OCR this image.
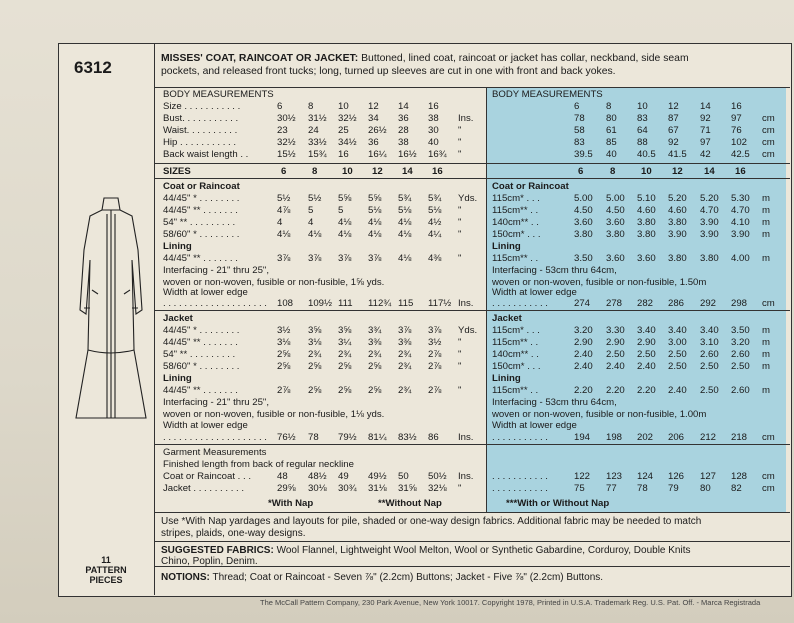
6312	MISSES' COAT, RAINCOAT OR JACKET: Buttoned, lined coat, raincoat or jacket has collar, neckband, side seam
pockets, and released front tucks; long, turned up sleeves are cut in one with front and back yokes.
11
PATTERN
PIECES
BODY MEASUREMENTS	BODY MEASUREMENTS
Size . . . . . . . . . . .	6	8	10 12 14 16
Bust. . . . . . . . . . .	30½ 31½ 32½ 34 36 38 Ins.
Waist. . . . . . . . . .	23 24 25 26½ 28 30 "
Hip . . . . . . . . . . .	32½ 33½ 34½ 36 38 40 "
Back waist length . .	15½ 15¾ 16 16¼ 16½ 16¾ "
6	8	10 12 14 16
78 80 83 87 92 97 cm
58 61 64 67 71 76 cm
83 85 88 92 97 102 cm
39.5 40 40.5 41.5 42 42.5 cm
SIZES	6	8	10 12 14 16	6	8	10 12 14 16
Coat or Raincoat	Coat or Raincoat
44/45" * . . . . . . . .	5½ 5½ 5⅝ 5⅝ 5¾ 5¾ Yds.
44/45" ** . . . . . . .	4⅞ 5	5	5⅛ 5⅛ 5⅛ "
54" ** . . . . . . . . .	4	4	4⅛ 4⅛ 4⅛ 4½ "
58/60" * . . . . . . . .	4⅛ 4⅛ 4⅛ 4⅛ 4⅛ 4¼ "
115cm* . . .	5.00 5.00 5.10 5.20 5.20 5.30 m
115cm** . .	4.50 4.50 4.60 4.60 4.70 4.70 m
140cm** . .	3.60 3.60 3.80 3.80 3.90 4.10 m
150cm* . . .	3.80 3.80 3.80 3.90 3.90 3.90 m
Lining	Lining
44/45" ** . . . . . . .	3⅞ 3⅞ 3⅞ 3⅞ 4⅛ 4⅜ "	115cm** . .	3.50 3.60 3.60 3.80 3.80 4.00 m
Interfacing - 21" thru 25",
woven or non-woven, fusible or non-fusible, 1⅝ yds.
Interfacing - 53cm thru 64cm,
woven or non-woven, fusible or non-fusible, 1.50m
Width at lower edge	Width at lower edge
. . . . . . . . . . . . . . . . . . . . 108 109½ 111 112¾ 115 117½ Ins. . . . . . . . . . . .	274 278 282 286 292 298 cm
Jacket	Jacket
44/45" * . . . . . . . .	3½ 3⅝ 3⅝ 3¾ 3⅞ 3⅞ Yds.
44/45" ** . . . . . . .	3⅛ 3⅛ 3¼ 3⅜ 3⅜ 3½ "
54" ** . . . . . . . . .	2⅝ 2¾ 2¾ 2¾ 2¾ 2⅞ "
58/60" * . . . . . . . .	2⅝ 2⅝ 2⅝ 2⅝ 2¾ 2⅞ "
115cm* . . .	3.20 3.30 3.40 3.40 3.40 3.50 m
115cm** . .	2.90 2.90 2.90 3.00 3.10 3.20 m
140cm** . .	2.40 2.50 2.50 2.50 2.60 2.60 m
150cm* . . .	2.40 2.40 2.40 2.50 2.50 2.50 m
Lining	Lining
44/45" ** . . . . . . .	2⅞ 2⅝ 2⅝ 2⅝ 2¾ 2⅞ "	115cm** . .	2.20 2.20 2.20 2.40 2.50 2.60 m
Interfacing - 21" thru 25",
woven or non-woven, fusible or non-fusible, 1⅛ yds.
Interfacing - 53cm thru 64cm,
woven or non-woven, fusible or non-fusible, 1.00m
Width at lower edge	Width at lower edge
. . . . . . . . . . . . . . . . . . . . 76½ 78 79½ 81¼ 83½ 86 Ins. . . . . . . . . . . .	194 198 202 206 212 218 cm
Garment Measurements
Finished length from back of regular neckline
Coat or Raincoat . . .	48 48½ 49 49½ 50 50½ Ins.
Jacket . . . . . . . . . .	29⅝ 30⅛ 30¾ 31⅛ 31⅝ 32⅛ "
. . . . . . . . . . .	122 123 124 126 127 128 cm
. . . . . . . . . . .	75 77 78 79 80 82 cm
*With Nap	**Without Nap	***With or Without Nap
Use *With Nap yardages and layouts for pile, shaded or one-way design fabrics. Additional fabric may be needed to match
stripes, plaids, one-way designs.
SUGGESTED FABRICS: Wool Flannel, Lightweight Wool Melton, Wool or Synthetic Gabardine, Corduroy, Double Knits
Chino, Poplin, Denim.
NOTIONS: Thread; Coat or Raincoat - Seven ⅞" (2.2cm) Buttons; Jacket - Five ⅞" (2.2cm) Buttons.
The McCall Pattern Company, 230 Park Avenue, New York 10017. Copyright 1978, Printed in U.S.A. Trademark Reg. U.S. Pat. Off. - Marca Registrada
